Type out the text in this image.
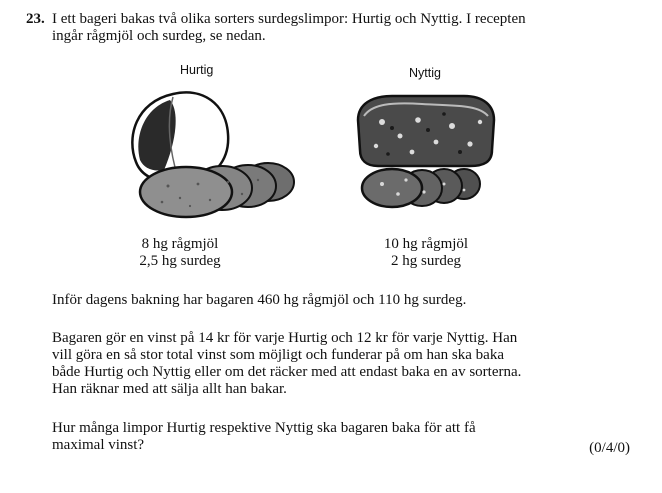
23. I ett bageri bakas två olika sorters surdegslimpor: Hurtig och Nyttig. I recepten
ingår rågmjöl och surdeg, se nedan.
Hurtig	Nyttig
8 hg rågmjöl
2,5 hg surdeg
10 hg rågmjöl
2 hg surdeg
Inför dagens bakning har bagaren 460 hg rågmjöl och 110 hg surdeg.
Bagaren gör en vinst på 14 kr för varje Hurtig och 12 kr för varje Nyttig. Han
vill göra en så stor total vinst som möjligt och funderar på om han ska baka
både Hurtig och Nyttig eller om det räcker med att endast baka en av sorterna.
Han räknar med att sälja allt han bakar.
Hur många limpor Hurtig respektive Nyttig ska bagaren baka för att få
maximal vinst?	(0/4/0)
